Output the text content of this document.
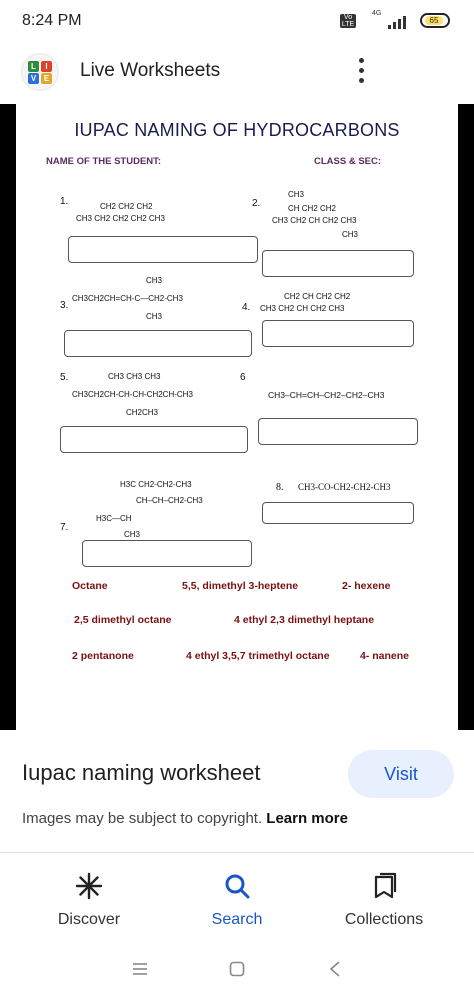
8:24 PM	Vo LTE
4G
65
L	I
V E Live Worksheets
IUPAC NAMING OF HYDROCARBONS
NAME OF THE STUDENT:	CLASS & SEC:
1.	CH2 CH2 CH2
CH3 CH2 CH2 CH2 CH3
2.
CH3
CH CH2 CH2
CH3 CH2 CH CH2 CH3
CH3
3.
CH3
CH3CH2CH=CH-C—CH2-CH3
CH3
4.
CH2 CH CH2 CH2
CH3 CH2 CH CH2 CH3
5.	CH3 CH3 CH3
CH3CH2CH-CH-CH-CH2CH-CH3
CH2CH3
6
CH3–CH=CH–CH2–CH2–CH3
7.
H3C CH2-CH2-CH3
CH–CH–CH2-CH3
H3C—CH
CH3
8. CH3-CO-CH2-CH2-CH3
Octane	5,5, dimethyl 3-heptene	2- hexene
2,5 dimethyl octane	4 ethyl 2,3 dimethyl heptane
2 pentanone	4 ethyl 3,5,7 trimethyl octane	4- nanene
Iupac naming worksheet	Visit
Images may be subject to copyright. Learn more
Discover	Search	Collections
